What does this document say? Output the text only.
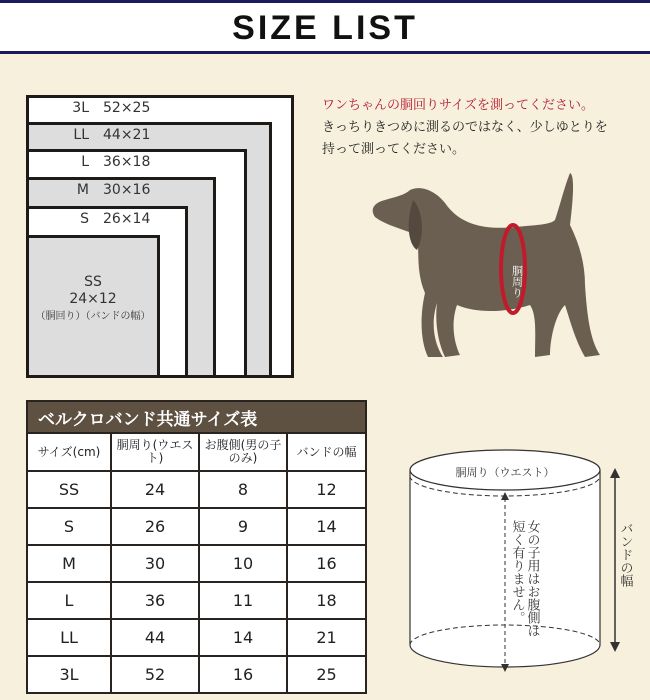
SIZE LIST
3L 52×25
LL 44×21
L 36×18
M 30×16
S 26×14
SS
24×12
（胴回り）（バンドの幅）
ワンちゃんの胴回りサイズを測ってください。
きっちりきつめに測るのではなく、少しゆとりを
持って測ってください。
胴周り
ベルクロバンド共通サイズ表			
サイズ(cm)	胴周り(ウエスト)	お腹側(男の子のみ)	バンドの幅
SS	24	8	12
S	26	9	14
M	30	10	16
L	36	11	18
LL	44	14	21
3L	52	16	25
胴周り（ウエスト）
女の子用はお腹側は
短く有りません。	バンドの幅
